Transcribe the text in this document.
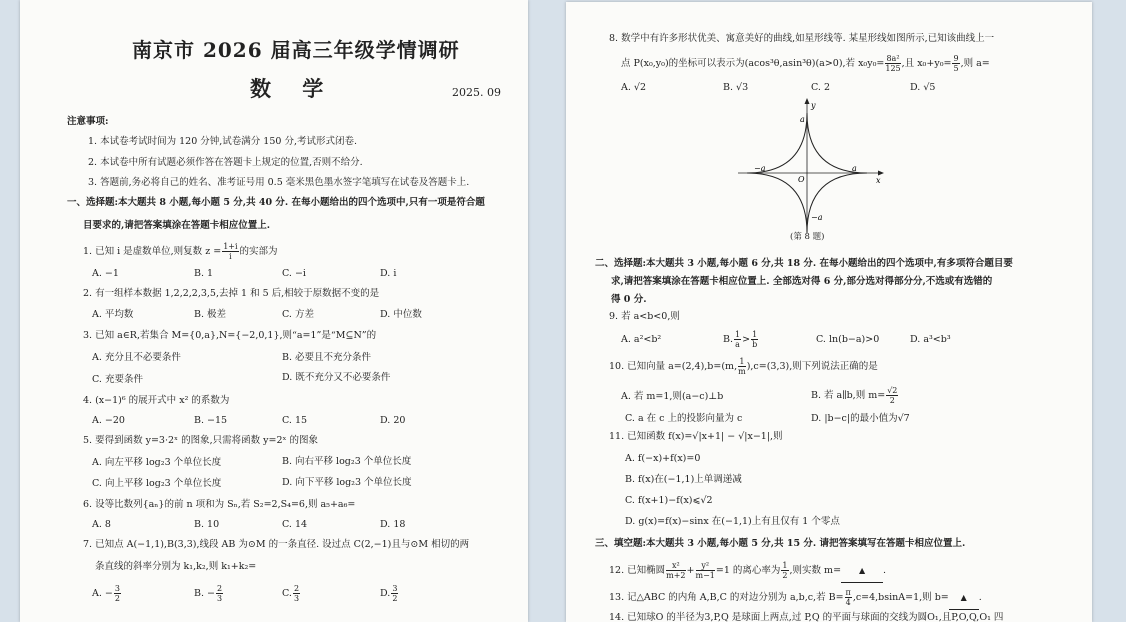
南京市 2026 届高三年级学情调研
数 学	2025. 09
注意事项:
1. 本试卷考试时间为 120 分钟,试卷满分 150 分,考试形式闭卷.
2. 本试卷中所有试题必须作答在答题卡上规定的位置,否则不给分.
3. 答题前,务必将自己的姓名、准考证号用 0.5 毫米黑色墨水签字笔填写在试卷及答题卡上.
一、选择题:本大题共 8 小题,每小题 5 分,共 40 分. 在每小题给出的四个选项中,只有一项是符合题
目要求的,请把答案填涂在答题卡相应位置上.
1. 已知 i 是虚数单位,则复数 $z = \frac{1+i}{i}$ 的实部为
A. −1	B. 1	C. −i	D. i
2. 有一组样本数据 1,2,2,2,3,5,去掉 1 和 5 后,相较于原数据不变的是
A. 平均数	B. 极差	C. 方差	D. 中位数
3. 已知 a∈R,若集合 M={0,a},N={−2,0,1},则“a=1”是“M⊆N”的
A. 充分且不必要条件	B. 必要且不充分条件
C. 充要条件	D. 既不充分又不必要条件
4. (x−1)⁶ 的展开式中 x² 的系数为
A. −20	B. −15	C. 15	D. 20
5. 要得到函数 y=3·2ˣ 的图象,只需将函数 y=2ˣ 的图象
A. 向左平移 log₂3 个单位长度	B. 向右平移 log₂3 个单位长度
C. 向上平移 log₂3 个单位长度	D. 向下平移 log₂3 个单位长度
6. 设等比数列{aₙ}的前 n 项和为 Sₙ,若 S₂=2,S₄=6,则 a₅+a₆=
A. 8	B. 10	C. 14	D. 18
7. 已知点 A(−1,1),B(3,3),线段 AB 为⊙M 的一条直径. 设过点 C(2,−1)且与⊙M 相切的两
条直线的斜率分别为 k₁,k₂,则 k₁+k₂=
A. − $\frac{3}{2}$	B. − $\frac{2}{3}$	C. $\frac{2}{3}$	D. $\frac{3}{2}$
8. 数学中有许多形状优美、寓意美好的曲线,如星形线等. 某星形线如图所示,已知该曲线上一
点 P(x₀,y₀)的坐标可以表示为(acos³θ,asin³θ)(a>0),若 $x_0y_0= \frac{\text{8a²}}{125}$ ,且 $x_0+y_0= \frac{9}{5}$ ,则 a=
A. √2	B. √3	C. 2	D. √5
y
x
O
a
a
−a
−a
(第 8 题)
二、选择题:本大题共 3 小题,每小题 6 分,共 18 分. 在每小题给出的四个选项中,有多项符合题目要
求,请把答案填涂在答题卡相应位置上. 全部选对得 6 分,部分选对得部分分,不选或有选错的
得 0 分.
9. 若 a<b<0,则
A. a²<b²	B. $\frac{1}{a} > \frac{1}{b}$	C. ln(b−a)>0	D. a³<b³
10. 已知向量 a=(2,4),b=(m, $\frac{1}{m} ),c=(3,3)$,则下列说法正确的是
A. 若 m=1,则(a−c)⊥b	B. 若 a∥b,则 $m= \frac{√2}{2}$
C. a 在 c 上的投影向量为 c	D. |b−c|的最小值为√7
11. 已知函数 f(x)=√|x+1| − √|x−1|,则
A. f(−x)+f(x)=0
B. f(x)在(−1,1)上单调递减
C. f(x+1)−f(x)⩽√2
D. g(x)=f(x)−sinx 在(−1,1)上有且仅有 1 个零点
三、填空题:本大题共 3 小题,每小题 5 分,共 15 分. 请把答案填写在答题卡相应位置上.
12. 已知椭圆 $\frac{\text{x²}}{m+2} + \frac{\text{y²}}{m-1} =1$ 的离心率为 $\frac{1}{2}$ ,则实数 m= ▲ .
13. 记△ABC 的内角 A,B,C 的对边分别为 a,b,c,若 $B= \frac{\pi}{4} ,c=4,bsinA=1$,则 b= ▲ .
14. 已知球O 的半径为3,P,Q 是球面上两点,过 P,Q 的平面与球面的交线为圆O₁,且P,O,Q,O₁ 四
